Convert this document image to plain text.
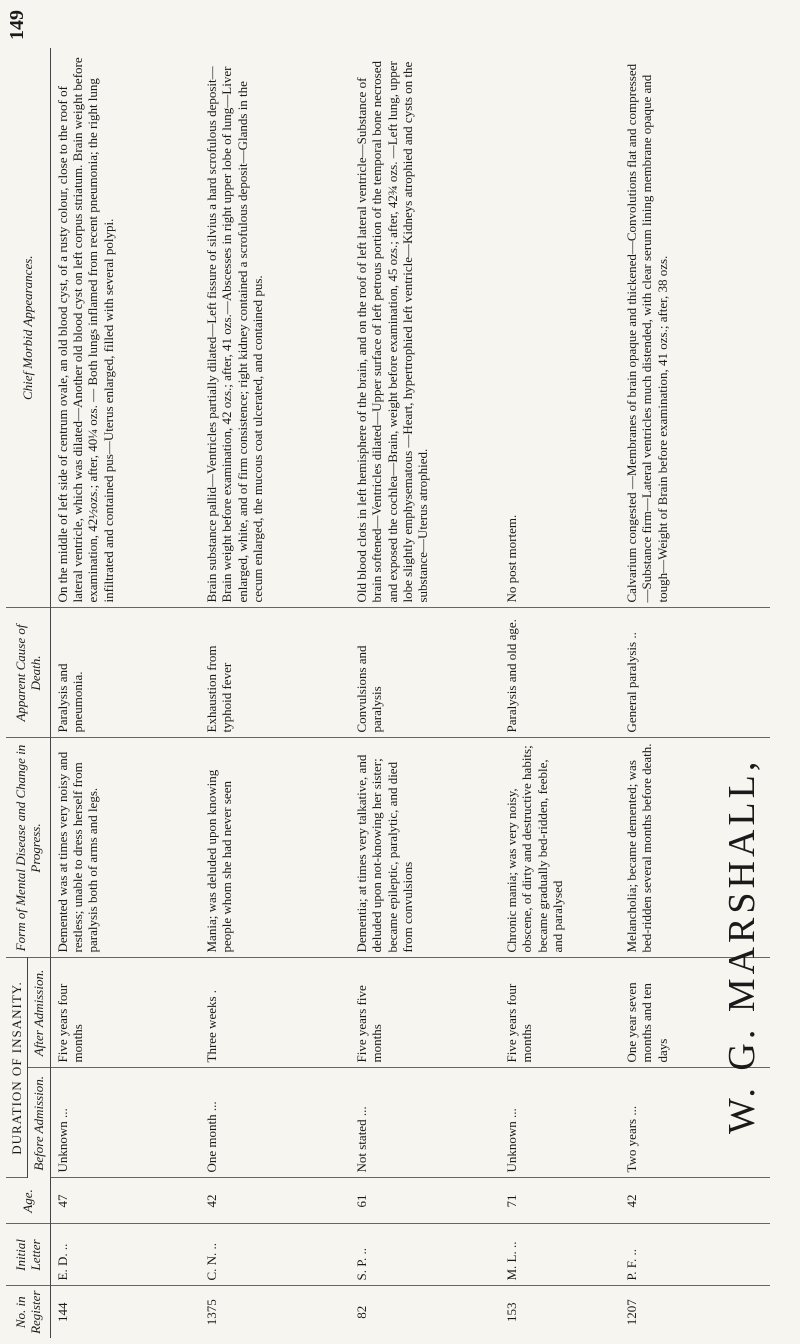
149
No. in Register	Initial Letter	Age.	DURATION OF INSANITY.		Form of Mental Disease and Change in Progress.	Apparent Cause of Death.	Chief Morbid Appearances.
			Before Admission.	After Admission.			
144	E. D. ..	47	Unknown ...	Five years four months	Demented was at times very noisy and restless; unable to dress herself from paralysis both of arms and legs.	Paralysis and pneumonia.	On the middle of left side of centrum ovale, an old blood cyst, of a rusty colour, close to the roof of lateral ventricle, which was dilated—Another old blood cyst on left corpus striatum. Brain weight before examination, 42½ozs.; after, 40¼ ozs. — Both lungs inflamed from recent pneumonia; the right lung infiltrated and contained pus—Uterus enlarged, filled with several polypi.
1375	C. N. ..	42	One month ...	Three weeks .	Mania; was deluded upon knowing people whom she had never seen	Exhaustion from typhoid fever	Brain substance pallid—Ventricles partially dilated—Left fissure of silvius a hard scrofulous deposit—Brain weight before examination, 42 ozs.; after, 41 ozs.—Abscesses in right upper lobe of lung—Liver enlarged, white, and of firm consistence; right kidney contained a scrofulous deposit—Glands in the cecum enlarged, the mucous coat ulcerated, and contained pus.
82	S. P. ..	61	Not stated ...	Five years five months	Dementia; at times very talkative, and deluded upon not-knowing her sister; became epileptic, paralytic, and died from convulsions	Convulsions and paralysis	Old blood clots in left hemisphere of the brain, and on the roof of left lateral ventricle—Substance of brain softened—Ventricles dilated—Upper surface of left petrous portion of the temporal bone necrosed and exposed the cochlea—Brain, weight before examination, 45 ozs.; after, 42¾ ozs. —Left lung, upper lobe slightly emphysematous —Heart, hypertrophied left ventricle—Kidneys atrophied and cysts on the substance—Uterus atrophied.
153	M. L. ..	71	Unknown ...	Five years four months	Chronic mania; was very noisy, obscene, of dirty and destructive habits; became gradually bed-ridden, feeble, and paralysed	Paralysis and old age.	No post mortem.
1207	P. F. ..	42	Two years ...	One year seven months and ten days	Melancholia; became demented; was bed-ridden several months before death.	General paralysis ..	Calvarium congested —Membranes of brain opaque and thickened—Convolutions flat and compressed —Substance firm—Lateral ventricles much distended, with clear serum lining membrane opaque and tough—Weight of Brain before examination, 41 ozs.; after, 38 ozs.
W. G. MARSHALL,
